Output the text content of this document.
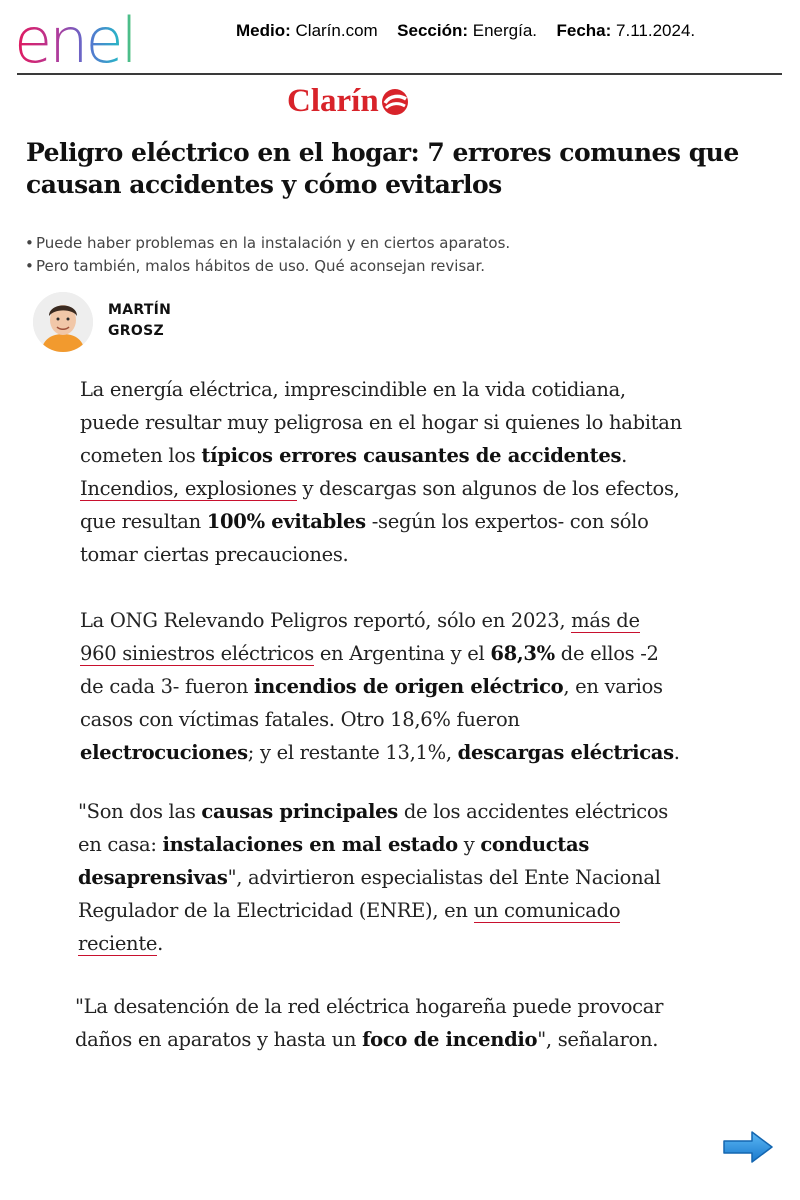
enel	Medio: Clarín.com Sección: Energía. Fecha: 7.11.2024.
Clarín
Peligro eléctrico en el hogar: 7 errores comunes que causan accidentes y cómo evitarlos
• Puede haber problemas en la instalación y en ciertos aparatos.
• Pero también, malos hábitos de uso. Qué aconsejan revisar.
MARTÍN
GROSZ

La energía eléctrica, imprescindible en la vida cotidiana, puede resultar muy peligrosa en el hogar si quienes lo habitan cometen los típicos errores causantes de accidentes. Incendios, explosiones y descargas son algunos de los efectos, que resultan 100% evitables -según los expertos- con sólo tomar ciertas precauciones.

La ONG Relevando Peligros reportó, sólo en 2023, más de 960 siniestros eléctricos en Argentina y el 68,3% de ellos -2 de cada 3- fueron incendios de origen eléctrico, en varios casos con víctimas fatales. Otro 18,6% fueron electrocuciones; y el restante 13,1%, descargas eléctricas.

"Son dos las causas principales de los accidentes eléctricos en casa: instalaciones en mal estado y conductas desaprensivas", advirtieron especialistas del Ente Nacional Regulador de la Electricidad (ENRE), en un comunicado reciente.

"La desatención de la red eléctrica hogareña puede provocar daños en aparatos y hasta un foco de incendio", señalaron.
